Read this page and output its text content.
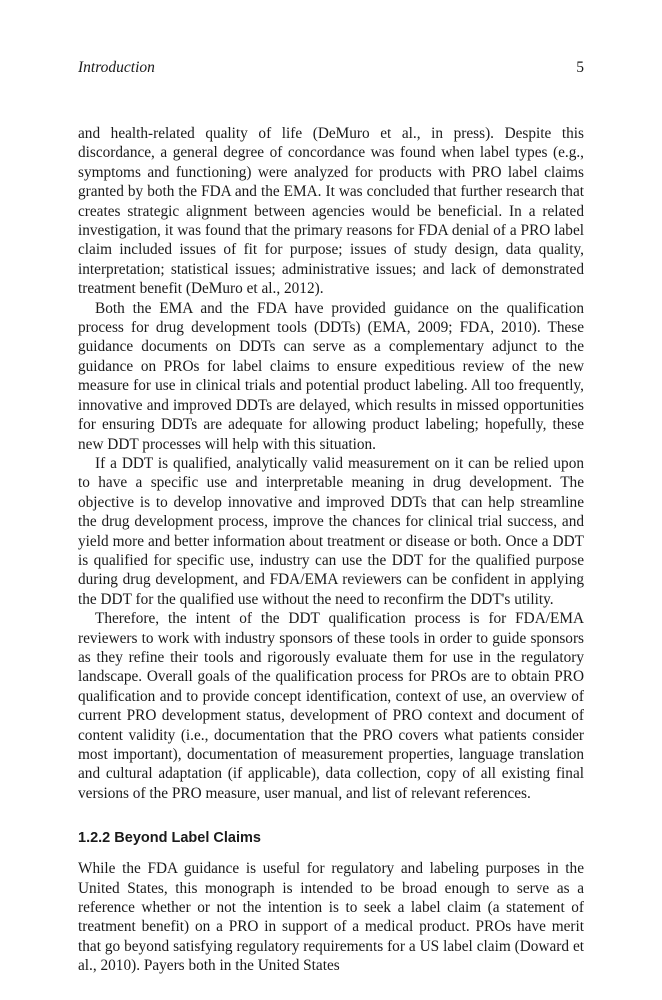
Introduction	5

and health-related quality of life (DeMuro et al., in press). Despite this discordance, a general degree of concordance was found when label types (e.g., symptoms and functioning) were analyzed for products with PRO label claims granted by both the FDA and the EMA. It was concluded that further research that creates strategic alignment between agencies would be beneficial. In a related investigation, it was found that the primary reasons for FDA denial of a PRO label claim included issues of fit for purpose; issues of study design, data quality, interpretation; statistical issues; administrative issues; and lack of demonstrated treatment benefit (DeMuro et al., 2012).

Both the EMA and the FDA have provided guidance on the qualification process for drug development tools (DDTs) (EMA, 2009; FDA, 2010). These guidance documents on DDTs can serve as a complementary adjunct to the guidance on PROs for label claims to ensure expeditious review of the new measure for use in clinical trials and potential product labeling. All too frequently, innovative and improved DDTs are delayed, which results in missed opportunities for ensuring DDTs are adequate for allowing product labeling; hopefully, these new DDT processes will help with this situation.

If a DDT is qualified, analytically valid measurement on it can be relied upon to have a specific use and interpretable meaning in drug development. The objective is to develop innovative and improved DDTs that can help streamline the drug development process, improve the chances for clinical trial success, and yield more and better information about treatment or disease or both. Once a DDT is qualified for specific use, industry can use the DDT for the qualified purpose during drug development, and FDA/EMA reviewers can be confident in applying the DDT for the qualified use without the need to reconfirm the DDT's utility.

Therefore, the intent of the DDT qualification process is for FDA/EMA reviewers to work with industry sponsors of these tools in order to guide sponsors as they refine their tools and rigorously evaluate them for use in the regulatory landscape. Overall goals of the qualification process for PROs are to obtain PRO qualification and to provide concept identification, context of use, an overview of current PRO development status, development of PRO context and document of content validity (i.e., documentation that the PRO covers what patients consider most important), documentation of measurement properties, language translation and cultural adaptation (if applicable), data collection, copy of all existing final versions of the PRO measure, user manual, and list of relevant references.

1.2.2 Beyond Label Claims

While the FDA guidance is useful for regulatory and labeling purposes in the United States, this monograph is intended to be broad enough to serve as a reference whether or not the intention is to seek a label claim (a statement of treatment benefit) on a PRO in support of a medical product. PROs have merit that go beyond satisfying regulatory requirements for a US label claim (Doward et al., 2010). Payers both in the United States
